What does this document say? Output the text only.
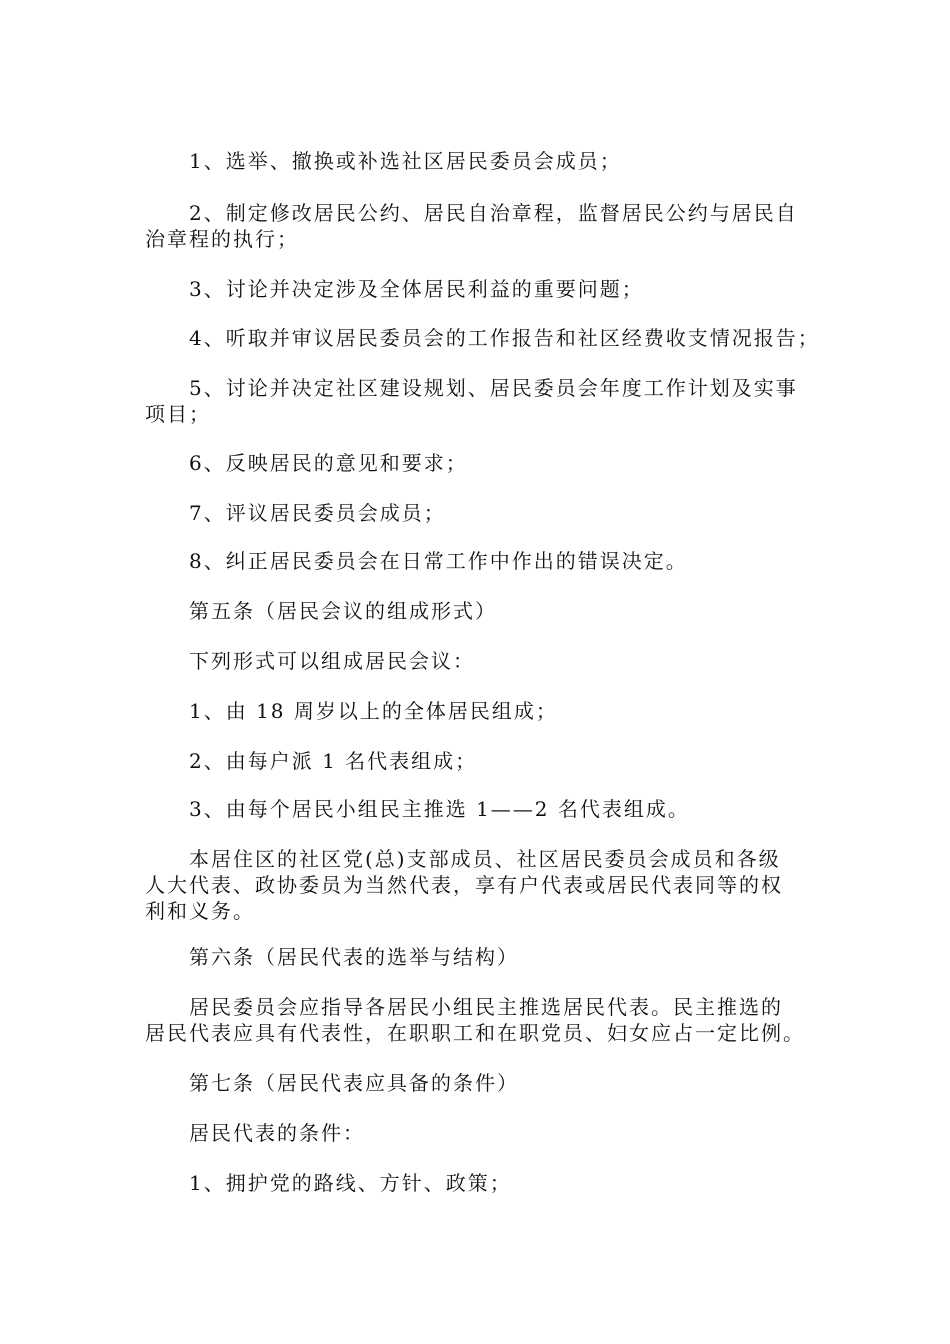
1、选举、撤换或补选社区居民委员会成员；
2、制定修改居民公约、居民自治章程，监督居民公约与居民自
治章程的执行；
3、讨论并决定涉及全体居民利益的重要问题；
4、听取并审议居民委员会的工作报告和社区经费收支情况报告；
5、讨论并决定社区建设规划、居民委员会年度工作计划及实事
项目；
6、反映居民的意见和要求；
7、评议居民委员会成员；
8、纠正居民委员会在日常工作中作出的错误决定。
第五条（居民会议的组成形式）
下列形式可以组成居民会议：
1、由 18 周岁以上的全体居民组成；
2、由每户派 1 名代表组成；
3、由每个居民小组民主推选 1——2 名代表组成。
本居住区的社区党(总)支部成员、社区居民委员会成员和各级
人大代表、政协委员为当然代表，享有户代表或居民代表同等的权
利和义务。
第六条（居民代表的选举与结构）
居民委员会应指导各居民小组民主推选居民代表。民主推选的
居民代表应具有代表性，在职职工和在职党员、妇女应占一定比例。
第七条（居民代表应具备的条件）
居民代表的条件：
1、拥护党的路线、方针、政策；
